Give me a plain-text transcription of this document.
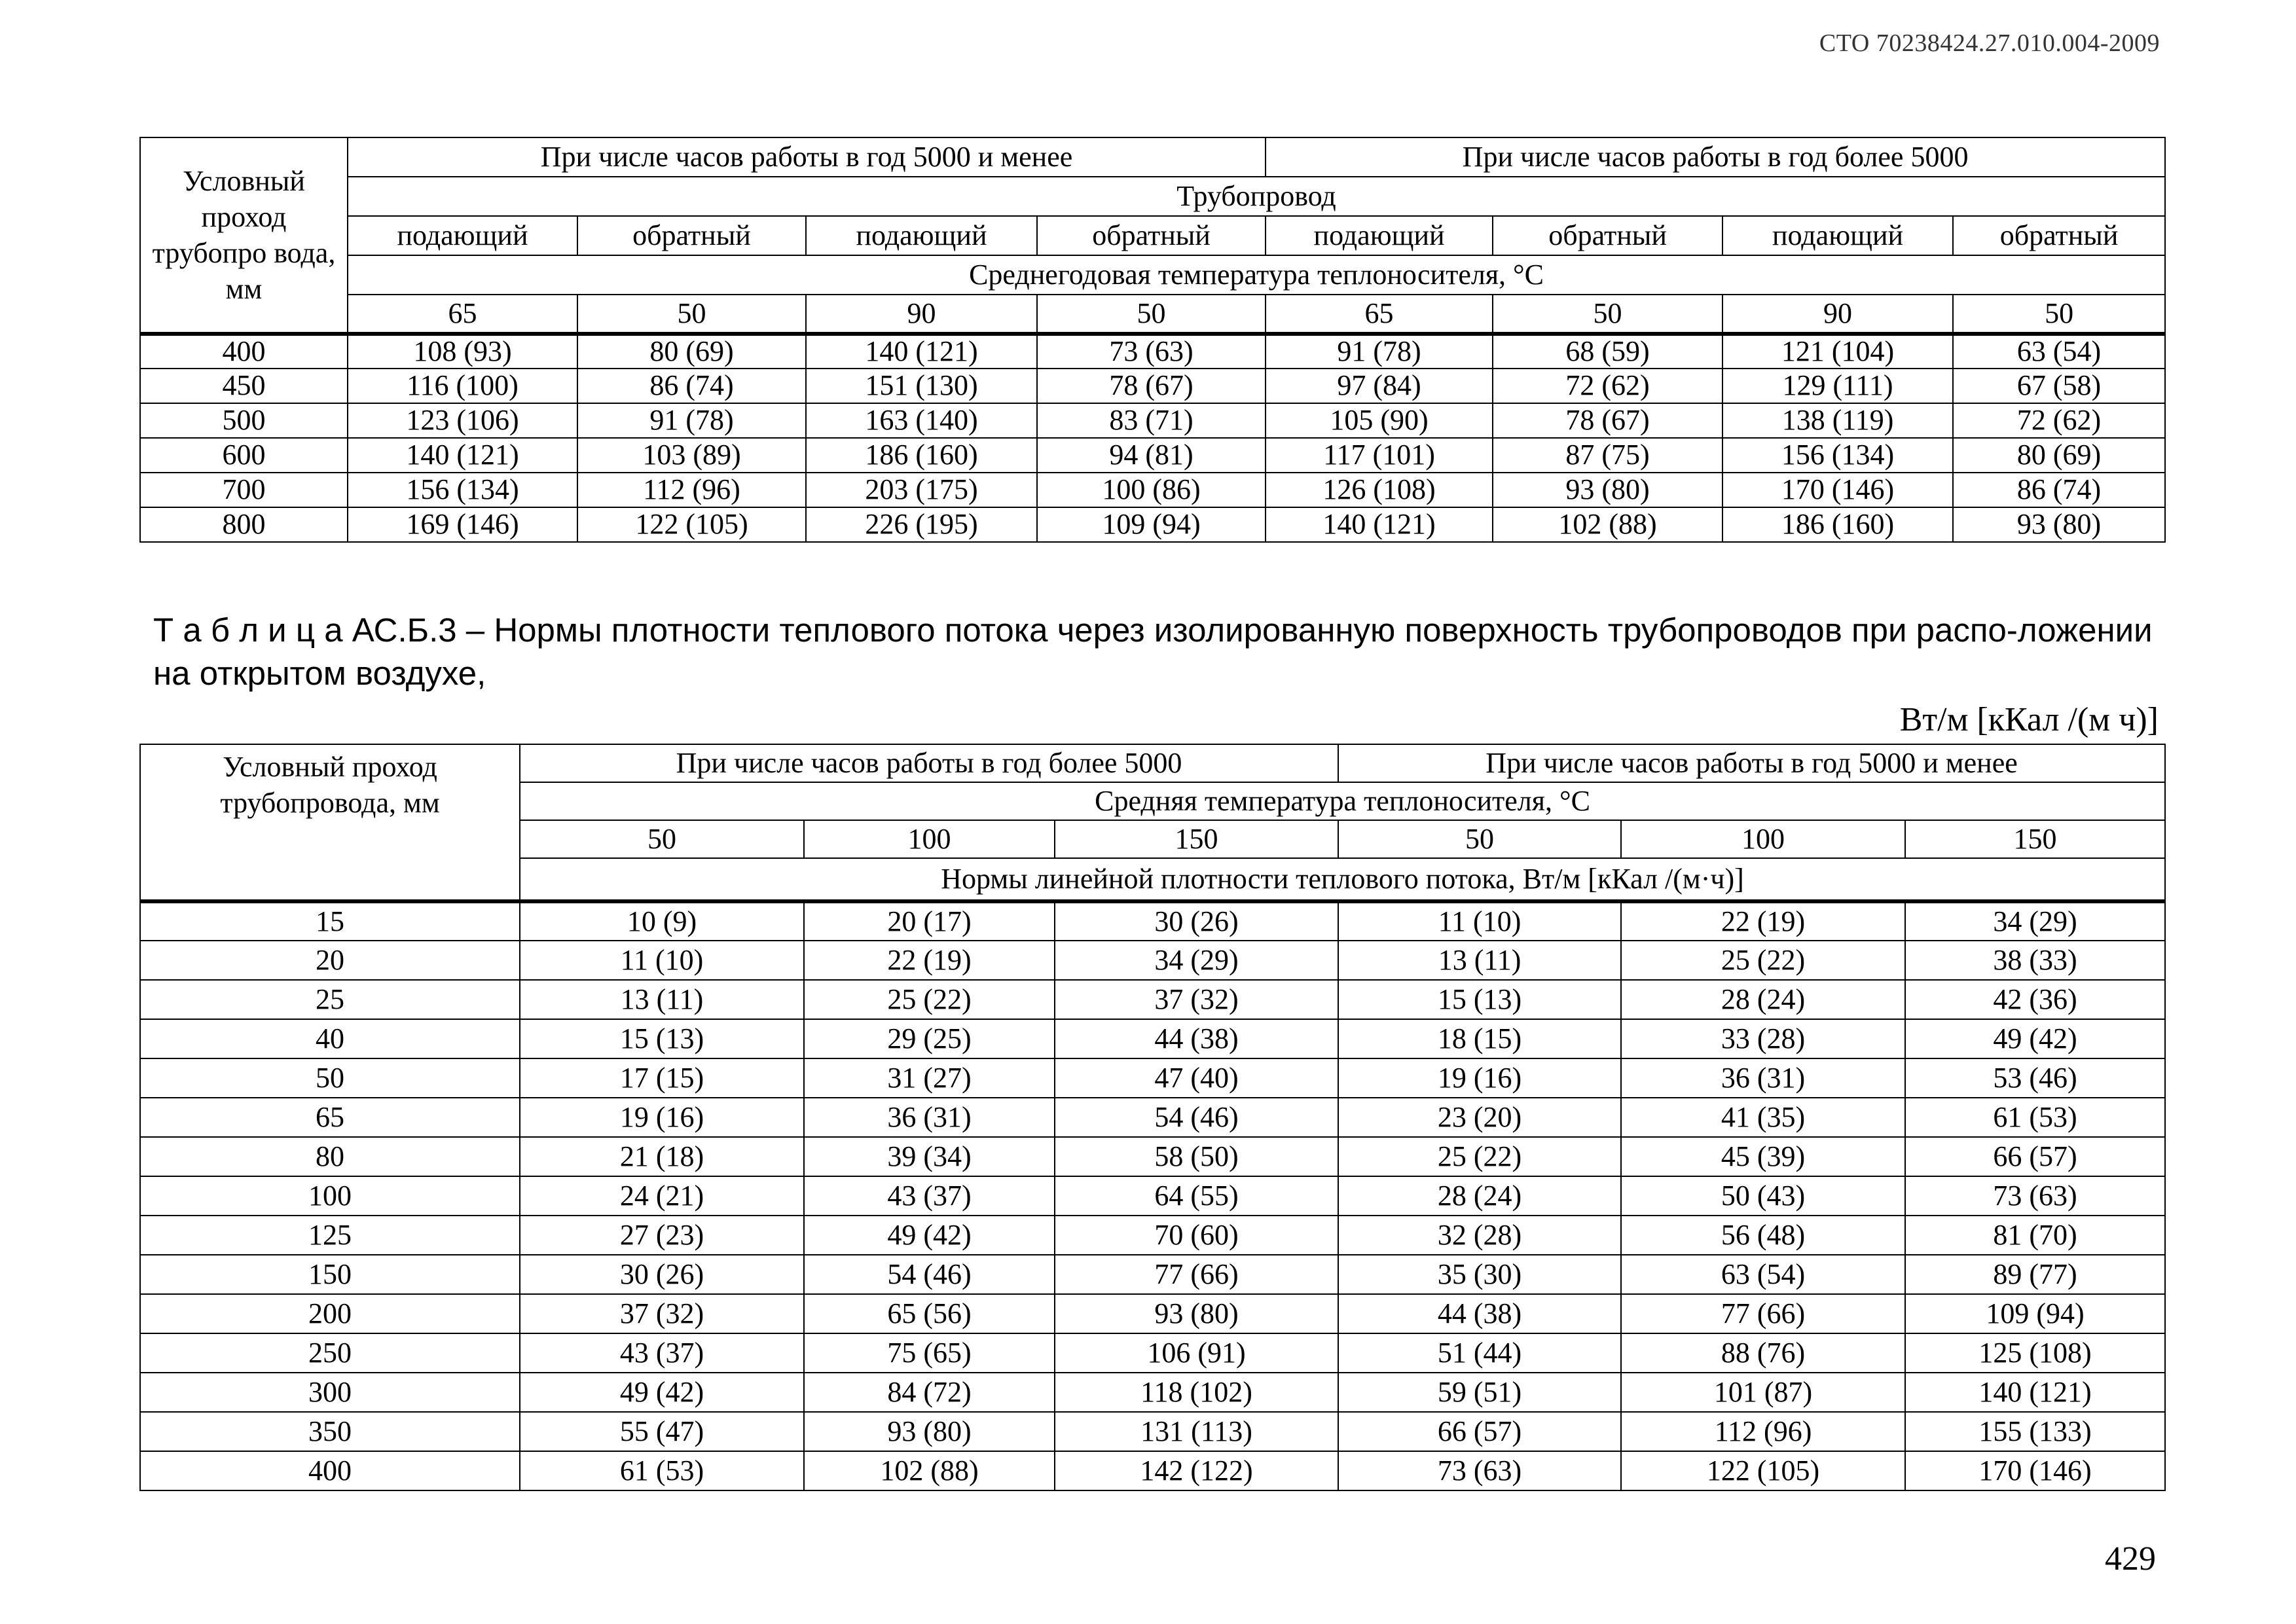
СТО 70238424.27.010.004-2009
Условный проход трубопро вода, мм	При числе часов работы в год 5000 и менее				При числе часов работы в год более 5000			
	Трубопровод							
	подающий	обратный	подающий	обратный	подающий	обратный	подающий	обратный
	Среднегодовая температура теплоносителя, °С							
	65	50	90	50	65	50	90	50
400	108 (93)	80 (69)	140 (121)	73 (63)	91 (78)	68 (59)	121 (104)	63 (54)
450	116 (100)	86 (74)	151 (130)	78 (67)	97 (84)	72 (62)	129 (111)	67 (58)
500	123 (106)	91 (78)	163 (140)	83 (71)	105 (90)	78 (67)	138 (119)	72 (62)
600	140 (121)	103 (89)	186 (160)	94 (81)	117 (101)	87 (75)	156 (134)	80 (69)
700	156 (134)	112 (96)	203 (175)	100 (86)	126 (108)	93 (80)	170 (146)	86 (74)
800	169 (146)	122 (105)	226 (195)	109 (94)	140 (121)	102 (88)	186 (160)	93 (80)
Т а б л и ц а АС.Б.3 – Нормы плотности теплового потока через изолированную поверхность трубопроводов при распо-ложении на открытом воздухе,
Вт/м [кКал /(м ч)]
Условный проход трубопровода, мм	При числе часов работы в год более 5000			При числе часов работы в год 5000 и менее		
	Средняя температура теплоносителя, °С					
	50	100	150	50	100	150
	Нормы линейной плотности теплового потока, Вт/м [кКал /(м·ч)]					
15	10 (9)	20 (17)	30 (26)	11 (10)	22 (19)	34 (29)
20	11 (10)	22 (19)	34 (29)	13 (11)	25 (22)	38 (33)
25	13 (11)	25 (22)	37 (32)	15 (13)	28 (24)	42 (36)
40	15 (13)	29 (25)	44 (38)	18 (15)	33 (28)	49 (42)
50	17 (15)	31 (27)	47 (40)	19 (16)	36 (31)	53 (46)
65	19 (16)	36 (31)	54 (46)	23 (20)	41 (35)	61 (53)
80	21 (18)	39 (34)	58 (50)	25 (22)	45 (39)	66 (57)
100	24 (21)	43 (37)	64 (55)	28 (24)	50 (43)	73 (63)
125	27 (23)	49 (42)	70 (60)	32 (28)	56 (48)	81 (70)
150	30 (26)	54 (46)	77 (66)	35 (30)	63 (54)	89 (77)
200	37 (32)	65 (56)	93 (80)	44 (38)	77 (66)	109 (94)
250	43 (37)	75 (65)	106 (91)	51 (44)	88 (76)	125 (108)
300	49 (42)	84 (72)	118 (102)	59 (51)	101 (87)	140 (121)
350	55 (47)	93 (80)	131 (113)	66 (57)	112 (96)	155 (133)
400	61 (53)	102 (88)	142 (122)	73 (63)	122 (105)	170 (146)
429
